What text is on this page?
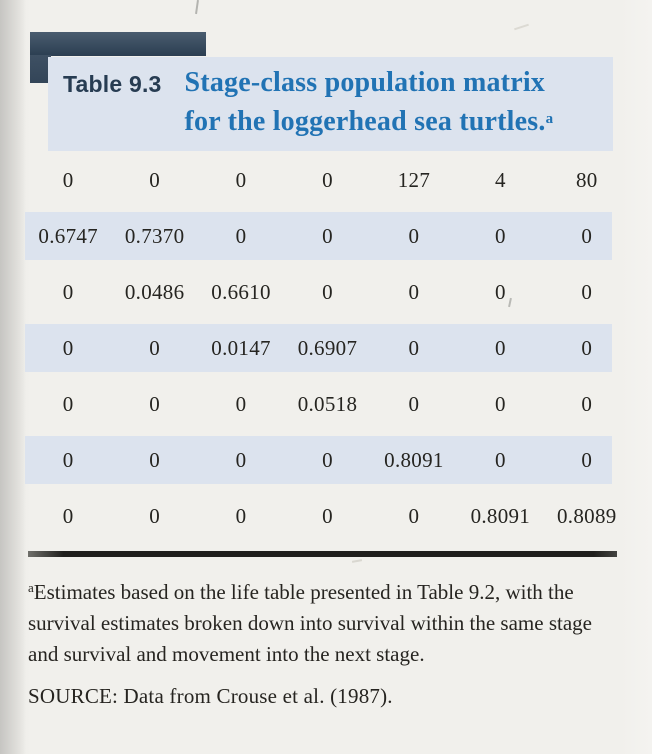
Table 9.3 Stage-class population matrix
for the loggerhead sea turtles.$^a$
0	0	0	0	127	4	80
0.6747	0.7370	0	0	0	0	0
0	0.0486	0.6610	0	0	0	0
0	0	0.0147	0.6907	0	0	0
0	0	0	0.0518	0	0	0
0	0	0	0	0.8091	0	0
0	0	0	0	0	0.8091	0.8089
$^a$Estimates based on the life table presented in Table 9.2, with the
survival estimates broken down into survival within the same stage
and survival and movement into the next stage.
SOURCE: Data from Crouse et al. (1987).
